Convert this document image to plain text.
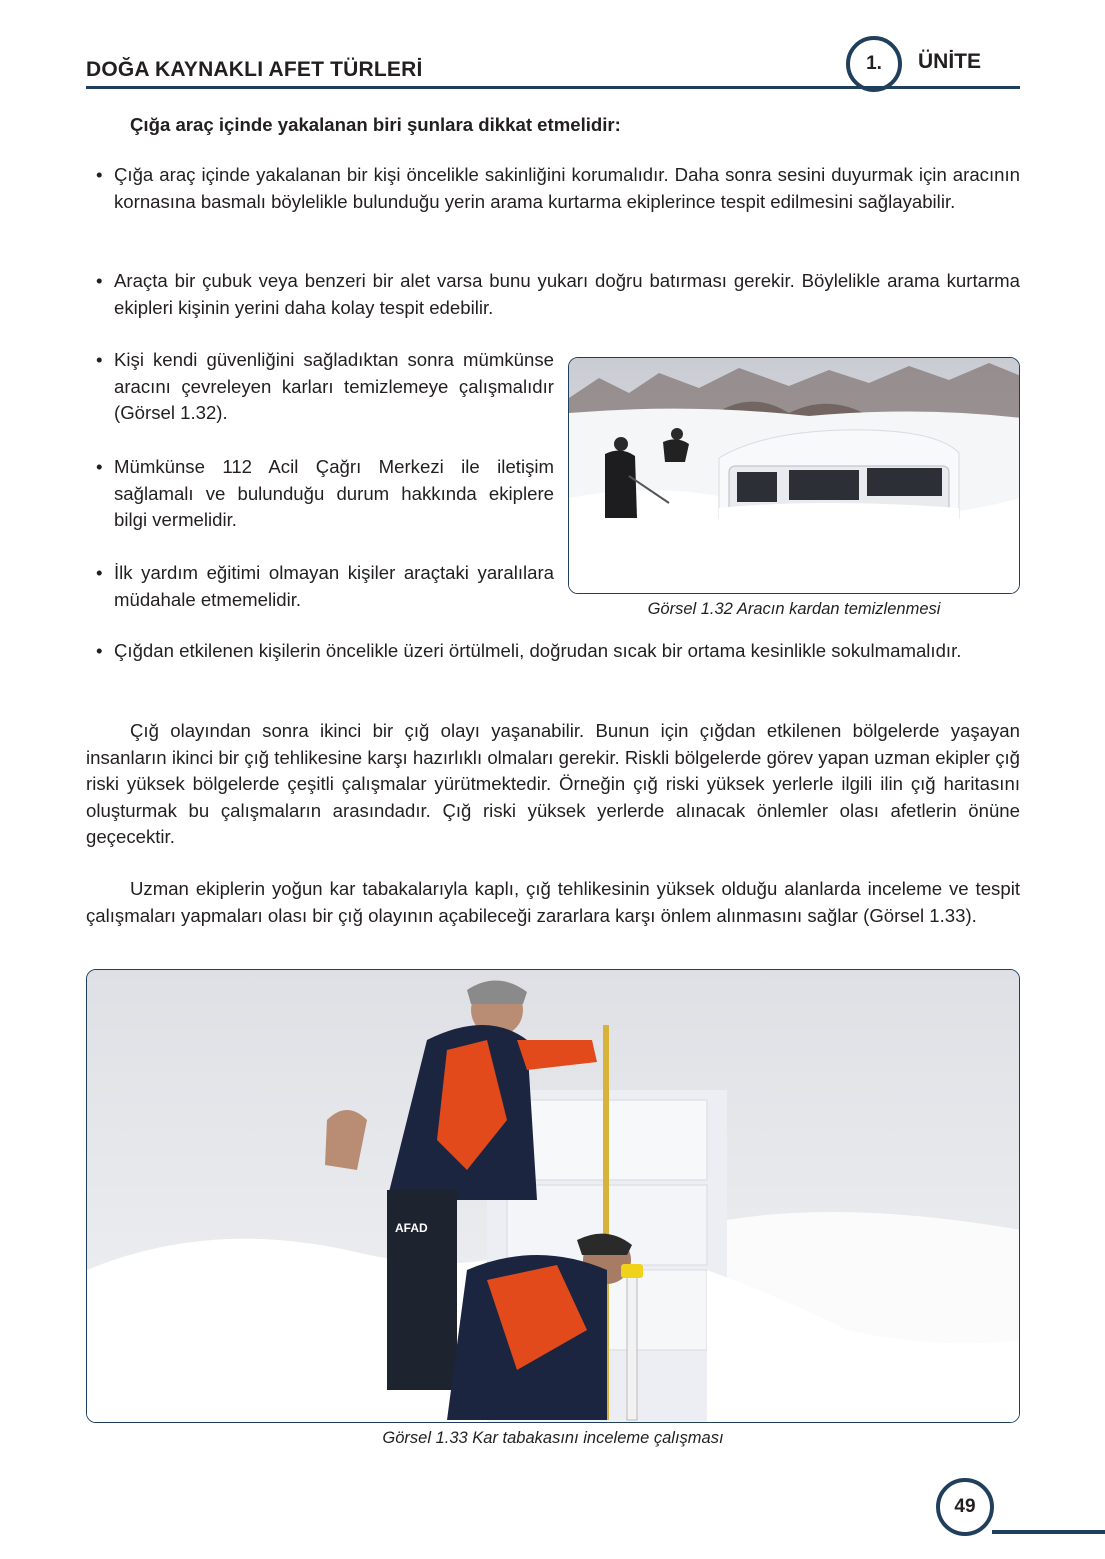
DOĞA KAYNAKLI AFET TÜRLERİ	1.	ÜNİTE
Çığa araç içinde yakalanan biri şunlara dikkat etmelidir:
• Çığa araç içinde yakalanan bir kişi öncelikle sakinliğini korumalıdır. Daha sonra sesini duyurmak için aracının kornasına basmalı böylelikle bulunduğu yerin arama kurtarma ekiplerince tespit edilmesini sağlayabilir.
• Araçta bir çubuk veya benzeri bir alet varsa bunu yukarı doğru batırması gerekir. Böylelikle arama kurtarma ekipleri kişinin yerini daha kolay tespit edebilir.
• Kişi kendi güvenliğini sağladıktan sonra mümkünse aracını çevreleyen karları temizlemeye çalışmalıdır (Görsel 1.32).
• Mümkünse 112 Acil Çağrı Merkezi ile iletişim sağlamalı ve bulunduğu durum hakkında ekiplere bilgi vermelidir.
• İlk yardım eğitimi olmayan kişiler araçtaki yaralılara müdahale etmemelidir.	Görsel 1.32 Aracın kardan temizlenmesi
• Çığdan etkilenen kişilerin öncelikle üzeri örtülmeli, doğrudan sıcak bir ortama kesinlikle sokulmamalıdır.
Çığ olayından sonra ikinci bir çığ olayı yaşanabilir. Bunun için çığdan etkilenen bölgelerde yaşayan insanların ikinci bir çığ tehlikesine karşı hazırlıklı olmaları gerekir. Riskli bölgelerde görev yapan uzman ekipler çığ riski yüksek bölgelerde çeşitli çalışmalar yürütmektedir. Örneğin çığ riski yüksek yerlerle ilgili ilin çığ haritasını oluşturmak bu çalışmaların arasındadır. Çığ riski yüksek yerlerde alınacak önlemler olası afetlerin önüne geçecektir.
Uzman ekiplerin yoğun kar tabakalarıyla kaplı, çığ tehlikesinin yüksek olduğu alanlarda inceleme ve tespit çalışmaları yapmaları olası bir çığ olayının açabileceği zararlara karşı önlem alınmasını sağlar (Görsel 1.33).
AFAD
Görsel 1.33 Kar tabakasını inceleme çalışması
49
